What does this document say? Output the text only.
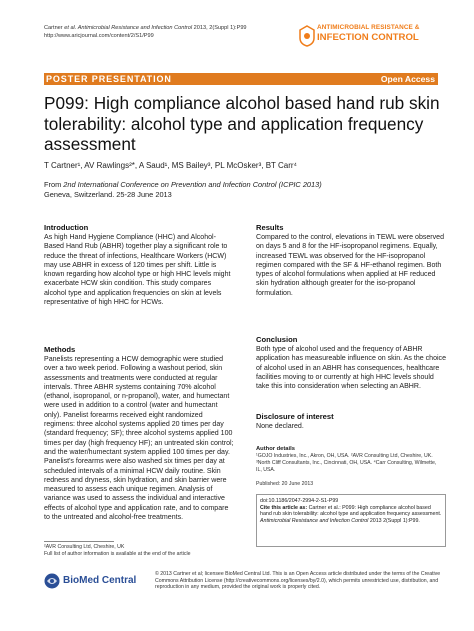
Cartner et al. Antimicrobial Resistance and Infection Control 2013, 2(Suppl 1):P99
http://www.aricjournal.com/content/2/S1/P99
ANTIMICROBIAL RESISTANCE &
INFECTION CONTROL
POSTER PRESENTATION	Open Access
P099: High compliance alcohol based hand rub skin tolerability: alcohol type and application frequency assessment
T Cartner¹, AV Rawlings²*, A Saud¹, MS Bailey³, PL McOsker³, BT Carr⁴
From 2nd International Conference on Prevention and Infection Control (ICPIC 2013)
Geneva, Switzerland. 25-28 June 2013
Introduction

As high Hand Hygiene Compliance (HHC) and Alcohol-Based Hand Rub (ABHR) together play a significant role to reduce the threat of infections, Healthcare Workers (HCW) may use ABHR in excess of 120 times per shift. Little is known regarding how alcohol type or high HHC levels might exacerbate HCW skin condition. This study compares alcohol type and application frequencies on skin at levels representative of high HHC for HCWs.

Methods

Panelists representing a HCW demographic were studied over a two week period. Following a washout period, skin assessments and treatments were conducted at regular intervals. Three ABHR systems containing 70% alcohol (ethanol, isopropanol, or n-propanol), water, and humectant were used in addition to a control (water and humectant only). Panelist forearms received eight randomized regimens: three alcohol systems applied 20 times per day (standard frequency; SF); three alcohol systems applied 100 times per day (high frequency HF); an untreated skin control; and the water/humectant system applied 100 times per day. Panelist's forearms were also washed six times per day at scheduled intervals of a minimal HCW daily routine. Skin redness and dryness, skin hydration, and skin barrier were measured to assess each unique regimen. Analysis of variance was used to assess the individual and interactive effects of alcohol type and application rate, and to compare to the untreated and alcohol-free treatments.

Results

Compared to the control, elevations in TEWL were observed on days 5 and 8 for the HF-isopropanol regimens. Equally, increased TEWL was observed for the HF-isopropanol regimen compared with the SF & HF-ethanol regimen. Both types of alcohol formulations when applied at HF reduced skin hydration although greater for the iso-propanol formulation.

Conclusion

Both type of alcohol used and the frequency of ABHR application has measureable influence on skin. As the choice of alcohol used in an ABHR has consequences, healthcare facilities moving to or currently at high HHC levels should take this into consideration when selecting an ABHR.

Disclosure of interest

None declared.

Author details
¹GOJO Industries, Inc., Akron, OH, USA. ²AVR Consulting Ltd, Cheshire, UK.
³North Cliff Consultants, Inc., Cincinnati, OH, USA. ⁴Carr Consulting, Wilmette,
IL, USA.
Published: 20 June 2013
doi:10.1186/2047-2994-2-S1-P99
Cite this article as: Cartner et al.: P099: High compliance alcohol based hand rub skin tolerability: alcohol type and application frequency assessment. Antimicrobial Resistance and Infection Control 2013 2(Suppl 1):P99.
²AVR Consulting Ltd, Cheshire, UK
Full list of author information is available at the end of the article
BioMed Central
© 2013 Cartner et al; licensee BioMed Central Ltd. This is an Open Access article distributed under the terms of the Creative Commons Attribution License (http://creativecommons.org/licenses/by/2.0), which permits unrestricted use, distribution, and reproduction in any medium, provided the original work is properly cited.
